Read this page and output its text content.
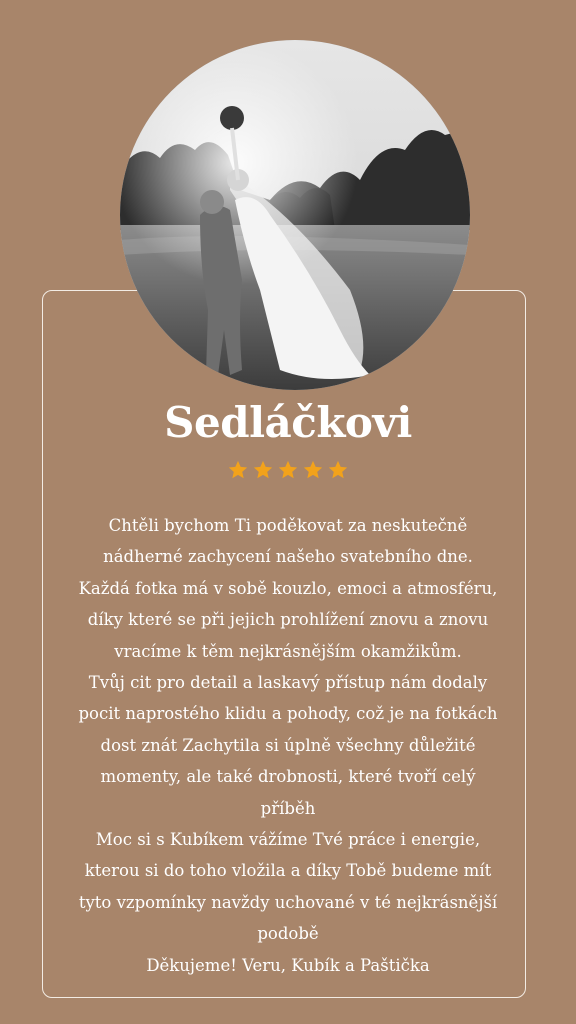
Sedláčkovi
Chtěli bychom Ti poděkovat za neskutečně
nádherné zachycení našeho svatebního dne.
Každá fotka má v sobě kouzlo, emoci a atmosféru,
díky které se při jejich prohlížení znovu a znovu
vracíme k těm nejkrásnějším okamžikům.
Tvůj cit pro detail a laskavý přístup nám dodaly
pocit naprostého klidu a pohody, což je na fotkách
dost znát Zachytila si úplně všechny důležité
momenty, ale také drobnosti, které tvoří celý
příběh
Moc si s Kubíkem vážíme Tvé práce i energie,
kterou si do toho vložila a díky Tobě budeme mít
tyto vzpomínky navždy uchované v té nejkrásnější
podobě
Děkujeme! Veru, Kubík a Paštička
